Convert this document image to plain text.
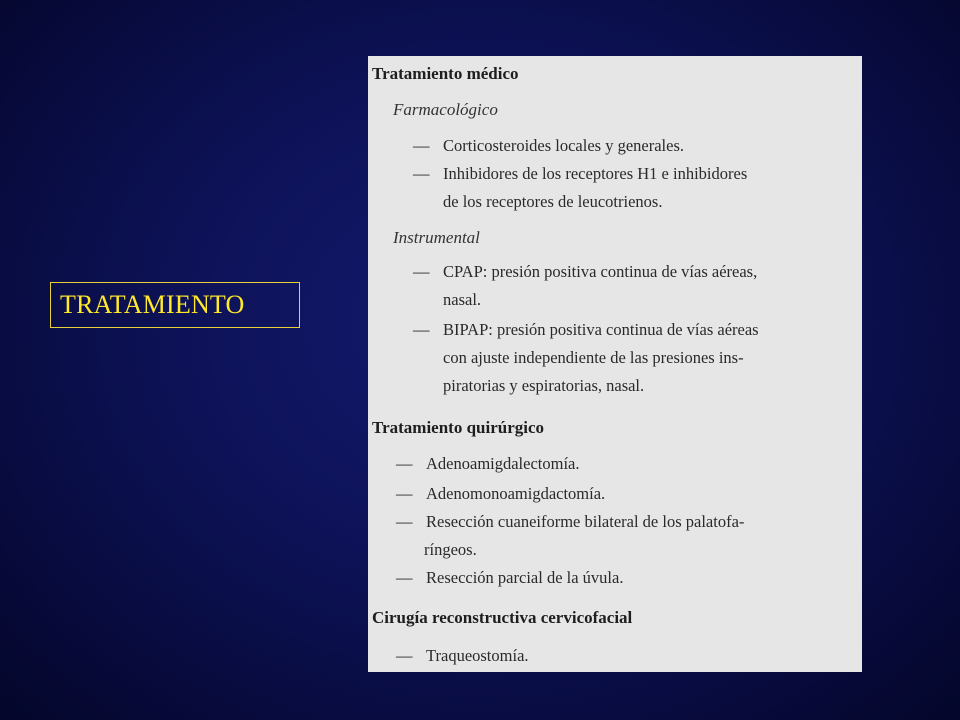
TRATAMIENTO
Tratamiento médico
Farmacológico
— Corticosteroides locales y generales.
— Inhibidores de los receptores H1 e inhibidores
de los receptores de leucotrienos.
Instrumental
— CPAP: presión positiva continua de vías aéreas,
nasal.
— BIPAP: presión positiva continua de vías aéreas
con ajuste independiente de las presiones ins-
piratorias y espiratorias, nasal.
Tratamiento quirúrgico
— Adenoamigdalectomía.
— Adenomonoamigdactomía.
— Resección cuaneiforme bilateral de los palatofa-
ríngeos.
— Resección parcial de la úvula.
Cirugía reconstructiva cervicofacial
— Traqueostomía.
